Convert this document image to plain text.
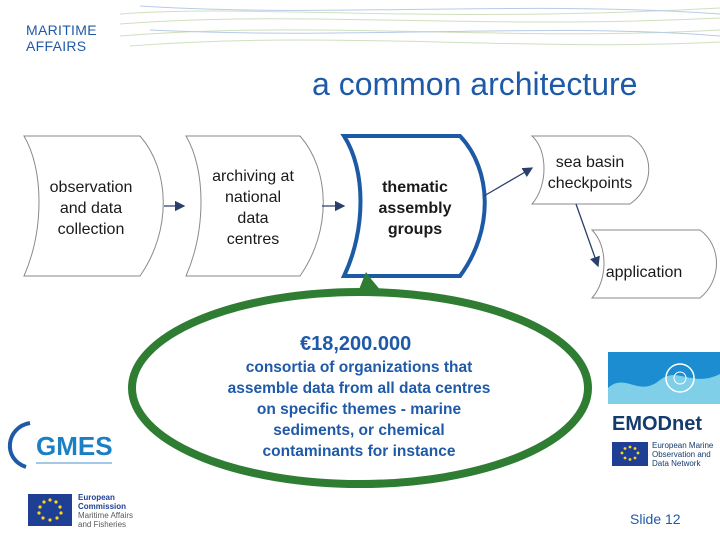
MARITIME
AFFAIRS
a common architecture
observation
and data
collection
archiving at
national
data
centres
thematic
assembly
groups
sea basin
checkpoints
application
€18,200.000
consortia of organizations that
assemble data from all data centres
on specific themes - marine
sediments, or chemical
contaminants for instance
GMES
EMODnet
European Marine Observation and Data Network
European Commission Maritime Affairs and Fisheries	Slide 12
